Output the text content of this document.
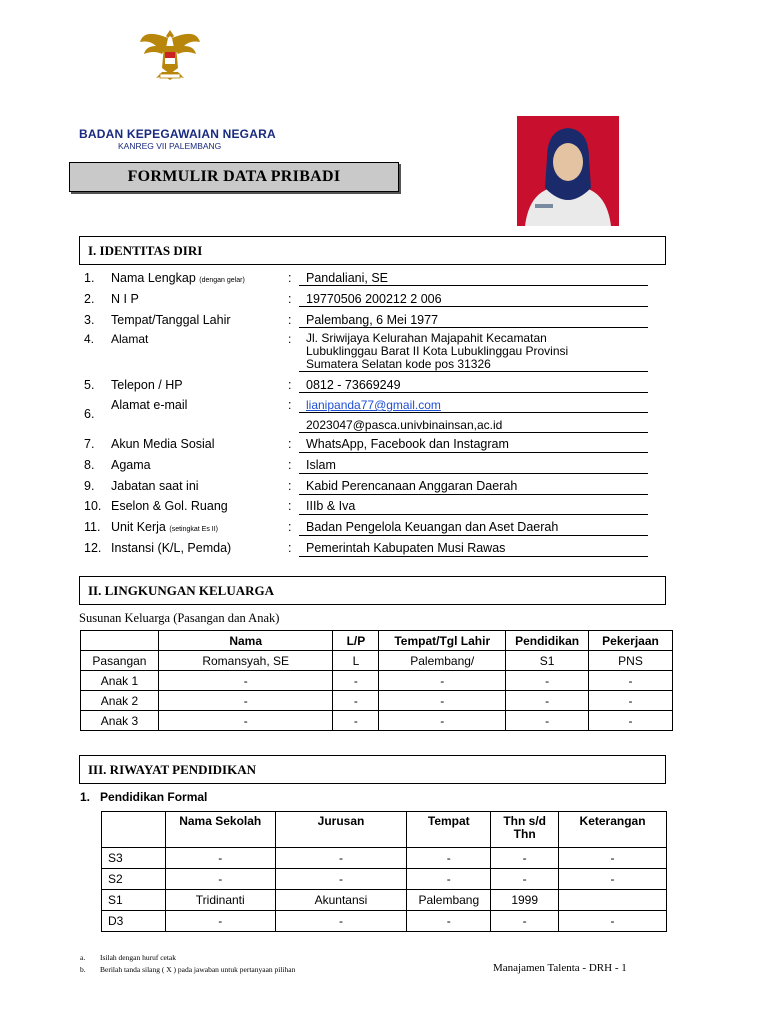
BADAN KEPEGAWAIAN NEGARA
KANREG VII PALEMBANG
FORMULIR DATA PRIBADI
I. IDENTITAS DIRI
1. Nama Lengkap (dengan gelar)	: Pandaliani, SE
2. N I P	: 19770506 200212 2 006
3. Tempat/Tanggal Lahir	: Palembang, 6 Mei 1977
4. Alamat	: Jl. Sriwijaya Kelurahan Majapahit Kecamatan
Lubuklinggau Barat II Kota Lubuklinggau Provinsi
Sumatera Selatan kode pos 31326
5. Telepon / HP	: 0812 - 73669249
6.
Alamat e-mail	: lianipanda77@gmail.com
2023047@pasca.univbinainsan,ac.id
7. Akun Media Sosial	: WhatsApp, Facebook dan Instagram
8. Agama	: Islam
9. Jabatan saat ini	: Kabid Perencanaan Anggaran Daerah
10. Eselon & Gol. Ruang	: IIIb & Iva
11. Unit Kerja (setingkat Es II)	: Badan Pengelola Keuangan dan Aset Daerah
12. Instansi (K/L, Pemda)	: Pemerintah Kabupaten Musi Rawas
II. LINGKUNGAN KELUARGA
Susunan Keluarga (Pasangan dan Anak)
	Nama	L/P	Tempat/Tgl Lahir	Pendidikan	Pekerjaan
Pasangan	Romansyah, SE	L	Palembang/	S1	PNS
Anak 1	-	-	-	-	-
Anak 2	-	-	-	-	-
Anak 3	-	-	-	-	-
III. RIWAYAT PENDIDIKAN
1.   Pendidikan Formal
	Nama Sekolah	Jurusan	Tempat	Thn s/d Thn	Keterangan
S3	-	-	-	-	-
S2	-	-	-	-	-
S1	Tridinanti	Akuntansi	Palembang	1999	
D3	-	-	-	-	-
a. Isilah dengan huruf cetak
b. Berilah tanda silang ( X ) pada jawaban untuk pertanyaan pilihan	Manajamen Talenta - DRH - 1
